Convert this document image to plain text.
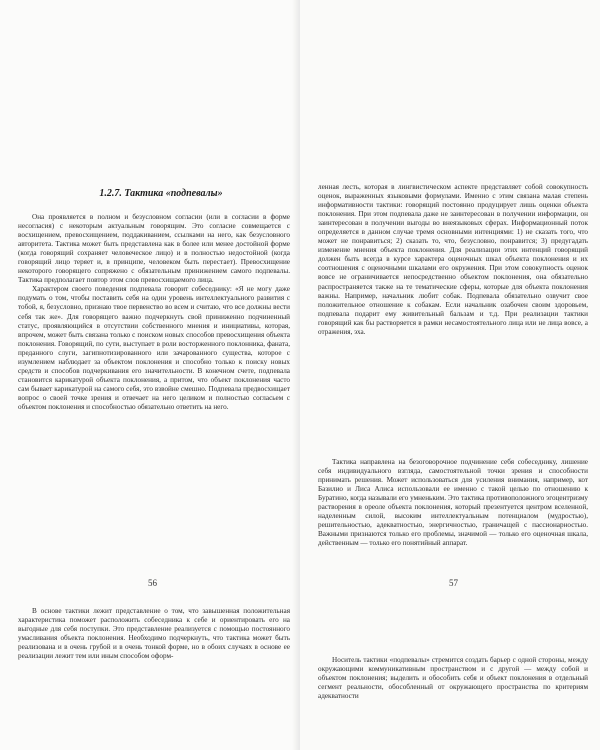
1.2.7. Тактика «подпевалы»

Она проявляется в полном и безусловном согласии (или в согласии в форме несогласия) с некоторым актуальным говорящим. Это согласие совмещается с восхищением, превосхищением, поддакиванием, ссылками на него, как безусловного авторитета. Тактика может быть представлена как в более или менее достойной форме (когда говорящий сохраняет человеческое лицо) и в полностью недостойной (когда говорящий лицо теряет и, в принципе, человеком быть перестает). Превосхищение некоторого говорящего сопряжено с обязательным принижением самого подпевалы. Тактика предполагает повтор этом слов превосхищаемого лица.

Характером своего поведения подпевала говорит собеседнику: «Я не могу даже подумать о том, чтобы поставить себя на один уровень интеллектуального развития с тобой, я, безусловно, признаю твое первенство во всем и считаю, что все должны вести себя так же». Для говорящего важно подчеркнуть свой приниженно подчиненный статус, проявляющийся в отсутствии собственного мнения и инициативы, которая, впрочем, может быть связана только с поиском новых способов превосхищения объекта поклонения. Говорящий, по сути, выступает в роли восторженного поклонника, фаната, преданного слуги, загипнотизированного или зачарованного существа, которое с изумлением наблюдает за объектом поклонения и способно только к поиску новых средств и способов подчеркивания его значительности. В конечном счете, подпевала становится карикатурой объекта поклонения, а притом, что объект поклонения часто сам бывает карикатурой на самого себя, это взвойне смешно. Подпевала предвосхищает вопрос о своей точке зрения и отвечает на него целиком и полностью согласьем с объектом поклонения и способностью обязательно ответить на него.

56

В основе тактики лежит представление о том, что завышенная положительная характеристика поможет расположить собеседника к себе и ориентировать его на выгодные для себя поступки. Это представление реализуется с помощью постоянного умасливания объекта поклонения. Необходимо подчеркнуть, что тактика может быть реализована и в очень грубой и в очень тонкой форме, но в обоих случаях в основе ее реализации лежит тем или иным способом оформ-

ленная лесть, которая в лингвистическом аспекте представляет собой совокупность оценок, выраженных языковыми формулами. Именно с этим связана малая степень информативности тактики: говорящий постоянно продуцирует лишь оценки объекта поклонения. При этом подпевала даже не заинтересован в получении информации, он заинтересован в получении выгоды во внеязыковых сферах. Информационный поток определяется в данном случае тремя основными интенциями: 1) не сказать того, что может не понравиться; 2) сказать то, что, безусловно, понравится; 3) предугадать изменение мнения объекта поклонения. Для реализации этих интенций говорящий должен быть всегда в курсе характера оценочных шкал объекта поклонения и их соотношения с оценочными шкалами его окружения. При этом совокупность оценок вовсе не ограничивается непосредственно объектом поклонения, она обязательно распространяется также на те тематические сферы, которые для объекта поклонения важны. Например, начальник любит собак. Подпевала обязательно озвучит свое положительное отношение к собакам. Если начальник озабочен своим здоровьем, подпевала подарит ему живительный бальзам и т.д. При реализации тактики говорящий как бы растворяется в рамки несамостоятельного лица или не лица вовсе, а отражения, эха.

Тактика направлена на безоговорочное подчинение себя собеседнику, лишение себя индивидуального взгляда, самостоятельной точки зрения и способности принимать решения. Может использоваться для усиления внимания, например, кот Базилио и Лиса Алиса использовали ее именно с такой целью по отношению к Буратино, когда называли его умненьким. Это тактика противоположного эгоцентризму растворения в ореоле объекта поклонения, который презентуется центром вселенной, наделенным силой, высоким интеллектуальным потенциалом (мудростью), решительностью, адекватностью, энергичностью, граничащей с пассионарностью. Важными признаются только его проблемы, значимой — только его оценочная шкала, действенным — только его понятийный аппарат.

57

Носитель тактики «подпевалы» стремится создать барьер с одной стороны, между окружающими коммуникативным пространством и с другой — между собой и объектом поклонения; выделить и обособить себя и объект поклонения в отдельный сегмент реальности, обособленный от окружающего пространства по критериям адекватности
